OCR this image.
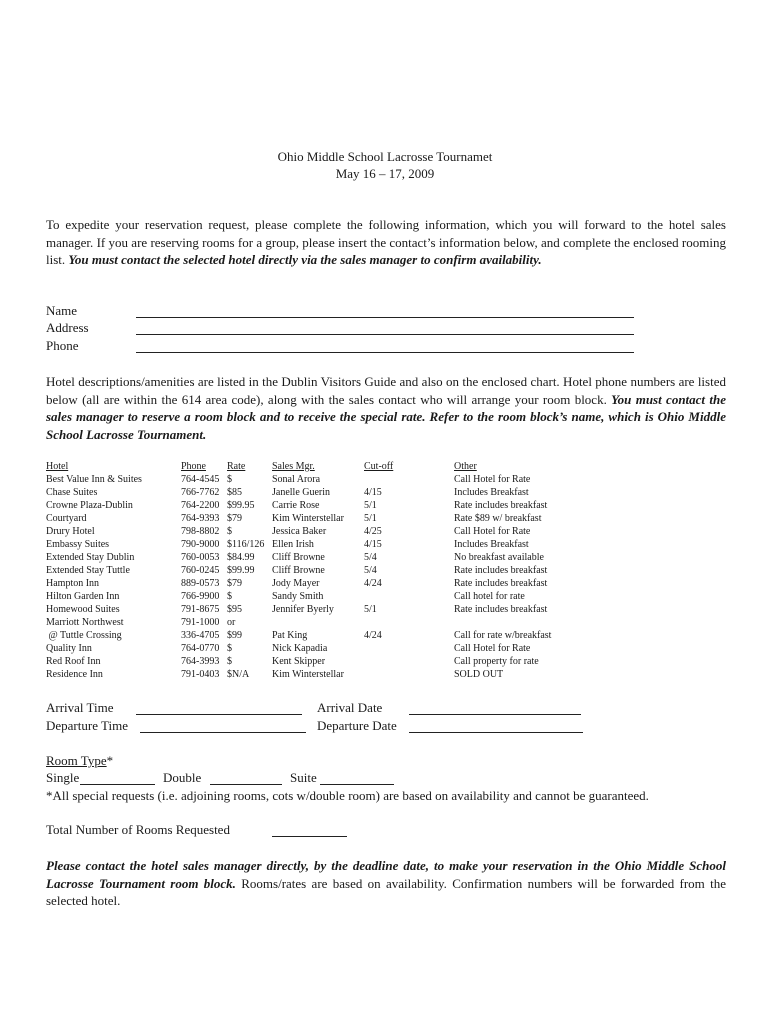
Ohio Middle School Lacrosse Tournamet
May 16 – 17, 2009
To expedite your reservation request, please complete the following information, which you will forward to the hotel sales manager. If you are reserving rooms for a group, please insert the contact’s information below, and complete the enclosed rooming list. You must contact the selected hotel directly via the sales manager to confirm availability.
Name
Address
Phone
Hotel descriptions/amenities are listed in the Dublin Visitors Guide and also on the enclosed chart. Hotel phone numbers are listed below (all are within the 614 area code), along with the sales contact who will arrange your room block. You must contact the sales manager to reserve a room block and to receive the special rate. Refer to the room block’s name, which is Ohio Middle School Lacrosse Tournament.
Hotel	Phone	Rate	Sales Mgr.	Cut-off	Other
Best Value Inn & Suites	764-4545	$	Sonal Arora		Call Hotel for Rate
Chase Suites	766-7762	$85	Janelle Guerin	4/15	Includes Breakfast
Crowne Plaza-Dublin	764-2200	$99.95	Carrie Rose	5/1	Rate includes breakfast
Courtyard	764-9393	$79	Kim Winterstellar	5/1	Rate $89 w/ breakfast
Drury Hotel	798-8802	$	Jessica Baker	4/25	Call Hotel for Rate
Embassy Suites	790-9000	$116/126	Ellen Irish	4/15	Includes Breakfast
Extended Stay Dublin	760-0053	$84.99	Cliff Browne	5/4	No breakfast available
Extended Stay Tuttle	760-0245	$99.99	Cliff Browne	5/4	Rate includes breakfast
Hampton Inn	889-0573	$79	Jody Mayer	4/24	Rate includes breakfast
Hilton Garden Inn	766-9900	$	Sandy Smith		Call hotel for rate
Homewood Suites	791-8675	$95	Jennifer Byerly	5/1	Rate includes breakfast
Marriott Northwest	791-1000	or			
@ Tuttle Crossing	336-4705	$99	Pat King	4/24	Call for rate w/breakfast
Quality Inn	764-0770	$	Nick Kapadia		Call Hotel for Rate
Red Roof Inn	764-3993	$	Kent Skipper		Call property for rate
Residence Inn	791-0403	$N/A	Kim Winterstellar		SOLD OUT
Arrival Time	Arrival Date
Departure Time	Departure Date
Room Type*
Single	Double	Suite
*All special requests (i.e. adjoining rooms, cots w/double room) are based on availability and cannot be guaranteed.
Total Number of Rooms Requested
Please contact the hotel sales manager directly, by the deadline date, to make your reservation in the Ohio Middle School Lacrosse Tournament room block. Rooms/rates are based on availability. Confirmation numbers will be forwarded from the selected hotel.
